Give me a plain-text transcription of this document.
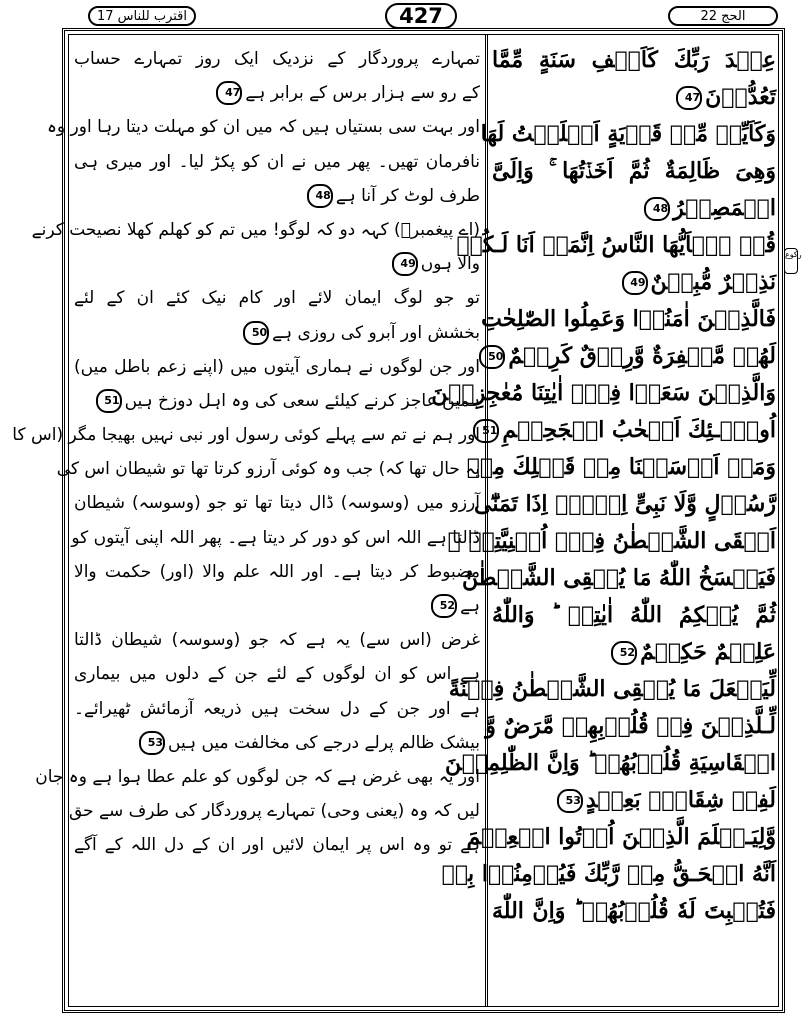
اقترب للناس 17	427	الحج 22
رکوع
عِنۡدَ رَبِّكَ كَاَلۡفِ سَنَةٍ مِّمَّا
تَعُدُّوۡنَ47
وَكَاَيِّنۡ مِّنۡ قَرۡيَةٍ اَمۡلَيۡتُ لَهَا
وَهِىَ ظَالِمَةٌ ثُمَّ اَخَذۡتُهَا ۚ وَاِلَىَّ
الۡمَصِيۡرُ48
قُلۡ يٰۤاَيُّهَا النَّاسُ اِنَّمَاۤ اَنَا لَـكُمۡ
نَذِيۡرٌ مُّبِيۡنٌ49
فَالَّذِيۡنَ اٰمَنُوۡا وَعَمِلُوا الصّٰلِحٰتِ
لَهُمۡ مَّغۡفِرَةٌ وَّرِزۡقٌ كَرِيۡمٌ50
وَالَّذِيۡنَ سَعَوۡا فِىۡۤ اٰيٰتِنَا مُعٰجِزِيۡنَ
اُولٰۤـئِكَ اَصۡحٰبُ الۡجَحِيۡمِ51
وَمَاۤ اَرۡسَلۡنَا مِنۡ قَبۡلِكَ مِنۡ
رَّسُوۡلٍ وَّلَا نَبِىٍّ اِلَّاۤ اِذَا تَمَنّٰٓى
اَلۡقَى الشَّيۡطٰنُ فِىۡۤ اُمۡنِيَّتِهٖ ۚ
فَيَنۡسَخُ اللّٰهُ مَا يُلۡقِى الشَّيۡطٰنُ
ثُمَّ يُحۡكِمُ اللّٰهُ اٰيٰتِهٖ ؕ وَاللّٰهُ
عَلِيۡمٌ حَكِيۡمٌ52
لِّيَجۡعَلَ مَا يُلۡقِى الشَّيۡطٰنُ فِتۡنَةً
لِّـلَّذِيۡنَ فِىۡ قُلُوۡبِهِمۡ مَّرَضٌ وَّ
الۡقَاسِيَةِ قُلُوۡبُهُمۡ ؕ وَاِنَّ الظّٰلِمِيۡنَ
لَفِىۡ شِقَاقٍۢ بَعِيۡدٍ53
وَّلِيَـعۡلَمَ الَّذِيۡنَ اُوۡتُوا الۡعِلۡمَ
اَنَّهُ الۡحَـقُّ مِنۡ رَّبِّكَ فَيُؤۡمِنُوۡا بِهٖ
فَتُخۡبِتَ لَهٗ قُلُوۡبُهُمۡ ؕ وَاِنَّ اللّٰهَ
تمہارے پروردگار کے نزدیک ایک روز تمہارے حساب
کے رو سے ہزار برس کے برابر ہے47
اور بہت سی بستیاں ہیں کہ میں ان کو مہلت دیتا رہا اور وہ
نافرمان تھیں۔ پھر میں نے ان کو پکڑ لیا۔ اور میری ہی
طرف لوٹ کر آنا ہے48
(اے پیغمبرؐ) کہہ دو کہ لوگو! میں تم کو کھلم کھلا نصیحت کرنے
والا ہوں49
تو جو لوگ ایمان لائے اور کام نیک کئے ان کے لئے
بخشش اور آبرو کی روزی ہے50
اور جن لوگوں نے ہماری آیتوں میں (اپنے زعم باطل میں)
ہمیں عاجز کرنے کیلئے سعی کی وہ اہل دوزخ ہیں51
اور ہم نے تم سے پہلے کوئی رسول اور نبی نہیں بھیجا مگر (اس کا
یہ حال تھا کہ) جب وہ کوئی آرزو کرتا تھا تو شیطان اس کی
آرزو میں (وسوسہ) ڈال دیتا تھا تو جو (وسوسہ) شیطان
ڈالتا ہے اللہ اس کو دور کر دیتا ہے۔ پھر اللہ اپنی آیتوں کو
مضبوط کر دیتا ہے۔ اور اللہ علم والا (اور) حکمت والا
ہے52
غرض (اس سے) یہ ہے کہ جو (وسوسہ) شیطان ڈالتا
ہے اس کو ان لوگوں کے لئے جن کے دلوں میں بیماری
ہے اور جن کے دل سخت ہیں ذریعہ آزمائش ٹھیرائے۔
بیشک ظالم پرلے درجے کی مخالفت میں ہیں53
اور یہ بھی غرض ہے کہ جن لوگوں کو علم عطا ہوا ہے وہ جان
لیں کہ وہ (یعنی وحی) تمہارے پروردگار کی طرف سے حق
ہے تو وہ اس پر ایمان لائیں اور ان کے دل اللہ کے آگے
